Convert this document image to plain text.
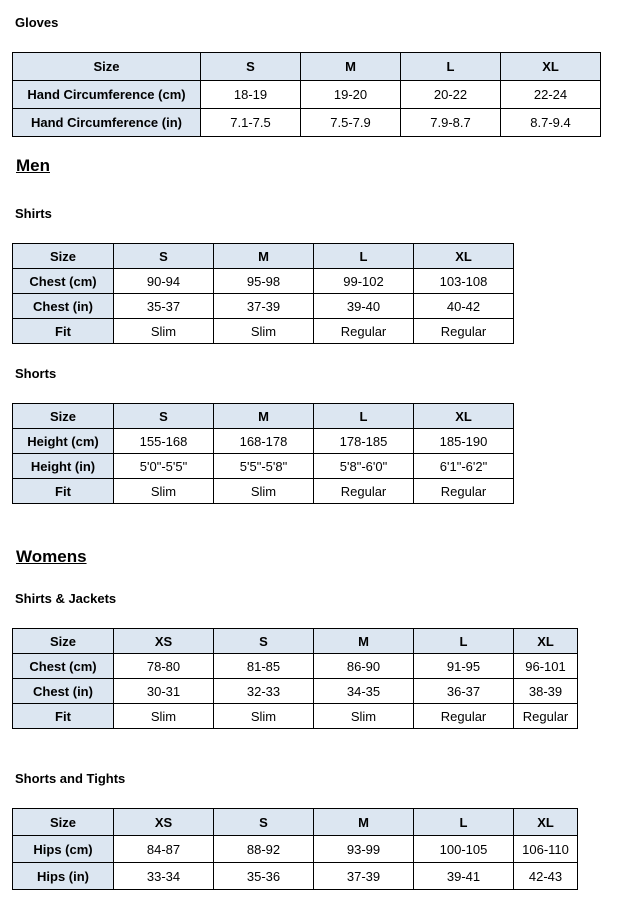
Gloves
Size	S	M	L	XL
Hand Circumference (cm)	18-19	19-20	20-22	22-24
Hand Circumference (in)	7.1-7.5	7.5-7.9	7.9-8.7	8.7-9.4
Men
Shirts
Size	S	M	L	XL
Chest (cm)	90-94	95-98	99-102	103-108
Chest (in)	35-37	37-39	39-40	40-42
Fit	Slim	Slim	Regular	Regular
Shorts
Size	S	M	L	XL
Height (cm)	155-168	168-178	178-185	185-190
Height (in)	5'0"-5'5"	5'5"-5'8"	5'8"-6'0"	6'1"-6'2"
Fit	Slim	Slim	Regular	Regular
Womens
Shirts & Jackets
Size	XS	S	M	L	XL
Chest (cm)	78-80	81-85	86-90	91-95	96-101
Chest (in)	30-31	32-33	34-35	36-37	38-39
Fit	Slim	Slim	Slim	Regular	Regular
Shorts and Tights
Size	XS	S	M	L	XL
Hips (cm)	84-87	88-92	93-99	100-105	106-110
Hips (in)	33-34	35-36	37-39	39-41	42-43
